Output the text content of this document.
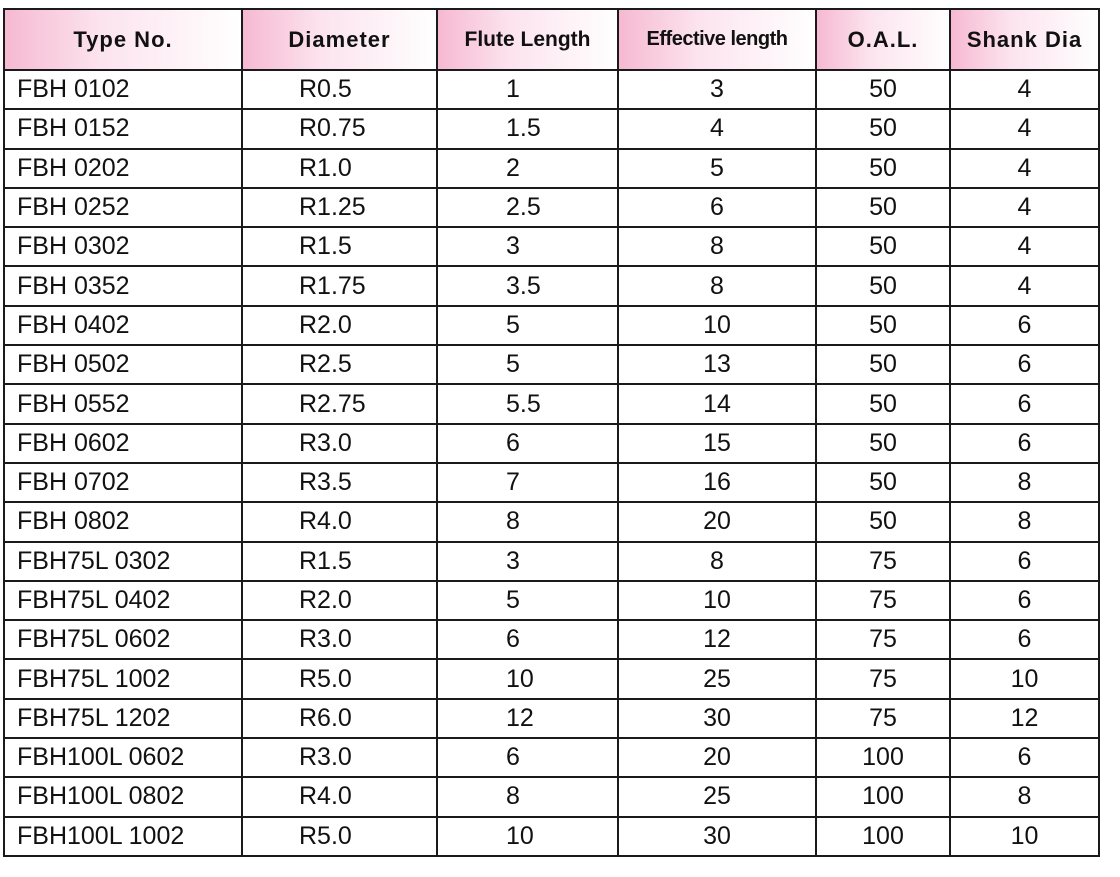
Type No.	Diameter	Flute Length	Effective length	O.A.L.	Shank Dia
FBH 0102	R0.5	1	3	50	4
FBH 0152	R0.75	1.5	4	50	4
FBH 0202	R1.0	2	5	50	4
FBH 0252	R1.25	2.5	6	50	4
FBH 0302	R1.5	3	8	50	4
FBH 0352	R1.75	3.5	8	50	4
FBH 0402	R2.0	5	10	50	6
FBH 0502	R2.5	5	13	50	6
FBH 0552	R2.75	5.5	14	50	6
FBH 0602	R3.0	6	15	50	6
FBH 0702	R3.5	7	16	50	8
FBH 0802	R4.0	8	20	50	8
FBH75L 0302	R1.5	3	8	75	6
FBH75L 0402	R2.0	5	10	75	6
FBH75L 0602	R3.0	6	12	75	6
FBH75L 1002	R5.0	10	25	75	10
FBH75L 1202	R6.0	12	30	75	12
FBH100L 0602	R3.0	6	20	100	6
FBH100L 0802	R4.0	8	25	100	8
FBH100L 1002	R5.0	10	30	100	10
